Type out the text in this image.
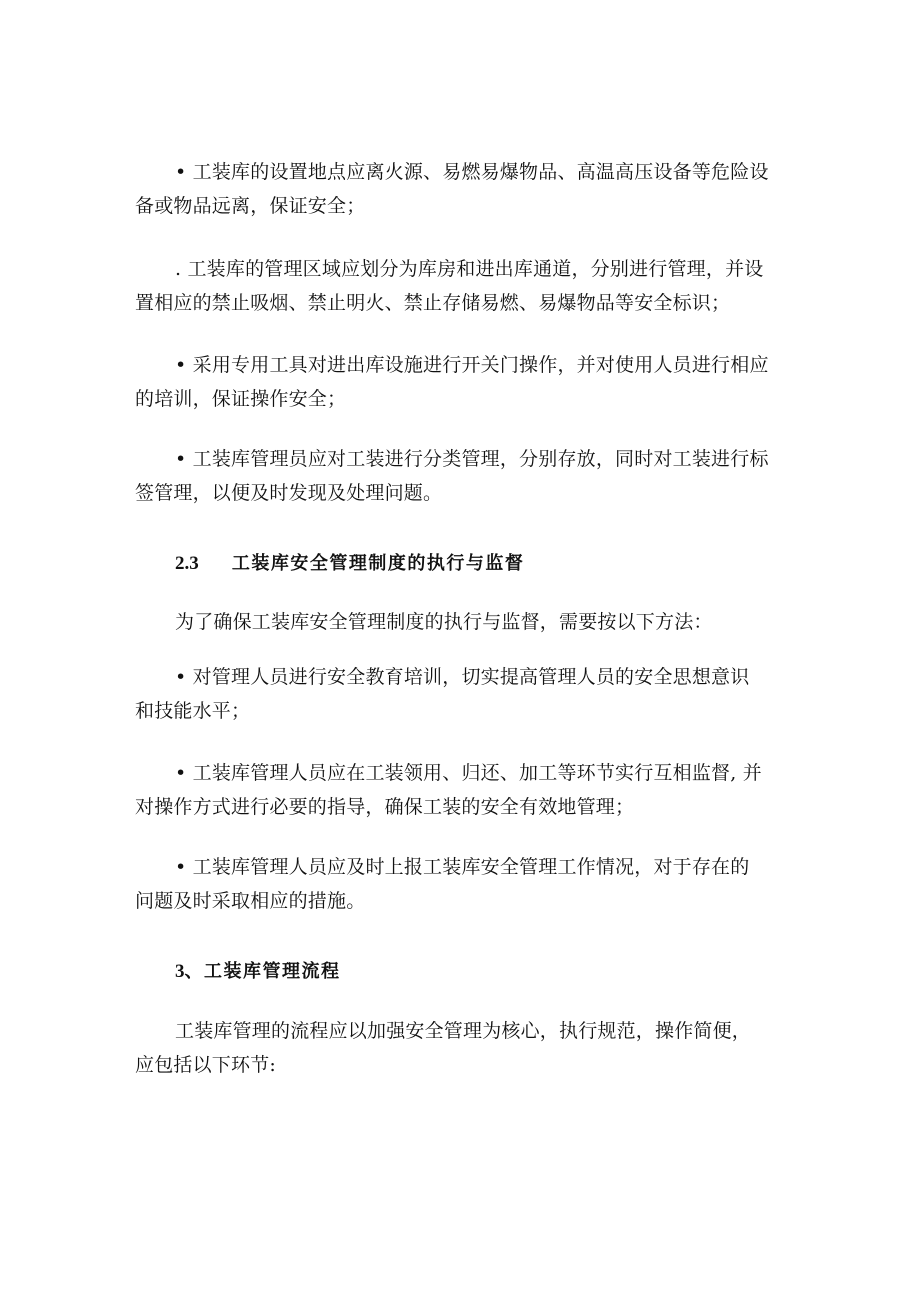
• 工装库的设置地点应离火源、易燃易爆物品、高温高压设备等危险设
备或物品远离，保证安全；

. 工装库的管理区域应划分为库房和进出库通道，分别进行管理，并设
置相应的禁止吸烟、禁止明火、禁止存储易燃、易爆物品等安全标识；

• 采用专用工具对进出库设施进行开关门操作，并对使用人员进行相应
的培训，保证操作安全；

• 工装库管理员应对工装进行分类管理，分别存放，同时对工装进行标
签管理，以便及时发现及处理问题。

2.3 工装库安全管理制度的执行与监督

为了确保工装库安全管理制度的执行与监督，需要按以下方法：

• 对管理人员进行安全教育培训，切实提高管理人员的安全思想意识
和技能水平；

• 工装库管理人员应在工装领用、归还、加工等环节实行互相监督, 并
对操作方式进行必要的指导，确保工装的安全有效地管理；

• 工装库管理人员应及时上报工装库安全管理工作情况，对于存在的
问题及时采取相应的措施。

3、工装库管理流程

工装库管理的流程应以加强安全管理为核心，执行规范，操作简便，
应包括以下环节:
